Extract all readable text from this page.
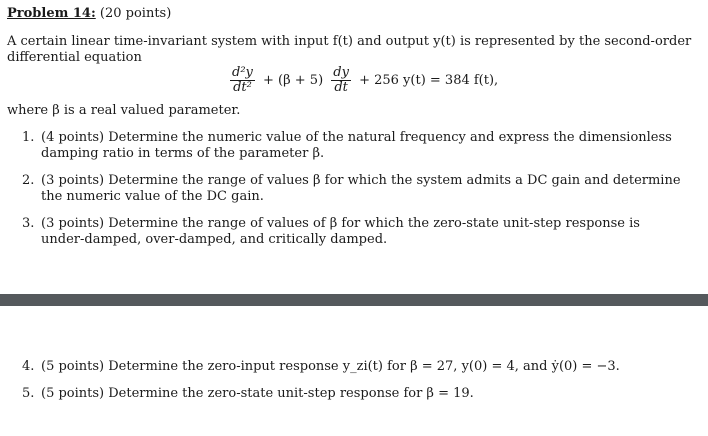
Problem 14: (20 points)
A certain linear time-invariant system with input f(t) and output y(t) is represented by the second-order differential equation
$\frac{\text{d²y}}{\text{dt²}} + (\beta + 5) \frac{dy}{dt} + 256$ y(t) = 384 f(t),
where β is a real valued parameter.
1. (4 points) Determine the numeric value of the natural frequency and express the dimensionless damping ratio in terms of the parameter β.
2. (3 points) Determine the range of values β for which the system admits a DC gain and determine the numeric value of the DC gain.
3. (3 points) Determine the range of values of β for which the zero-state unit-step response is under-damped, over-damped, and critically damped.
4. (5 points) Determine the zero-input response y_zi(t) for β = 27, y(0) = 4, and ẏ(0) = −3.
5. (5 points) Determine the zero-state unit-step response for β = 19.
